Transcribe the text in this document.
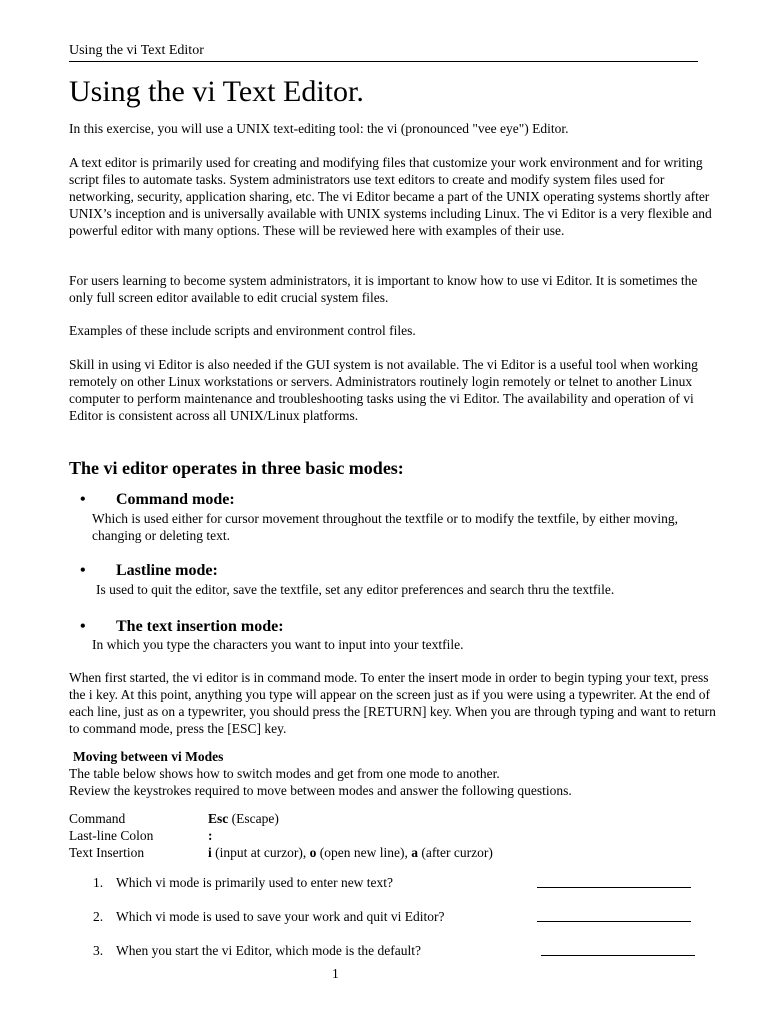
Using the vi Text Editor
Using the vi Text Editor.

In this exercise, you will use a UNIX text-editing tool: the vi (pronounced "vee eye") Editor.

A text editor is primarily used for creating and modifying files that customize your work environment and for writing script files to automate tasks. System administrators use text editors to create and modify system files used for networking, security, application sharing, etc. The vi Editor became a part of the UNIX operating systems shortly after UNIX’s inception and is universally available with UNIX systems including Linux. The vi Editor is a very flexible and powerful editor with many options. These will be reviewed here with examples of their use.

For users learning to become system administrators, it is important to know how to use vi Editor. It is sometimes the only full screen editor available to edit crucial system files.

Examples of these include scripts and environment control files.

Skill in using vi Editor is also needed if the GUI system is not available. The vi Editor is a useful tool when working remotely on other Linux workstations or servers. Administrators routinely login remotely or telnet to another Linux computer to perform maintenance and troubleshooting tasks using the vi Editor. The availability and operation of vi Editor is consistent across all UNIX/Linux platforms.

The vi editor operates in three basic modes:
• Command mode:

Which is used either for cursor movement throughout the textfile or to modify the textfile, by either moving, changing or deleting text.

• Lastline mode:

Is used to quit the editor, save the textfile, set any editor preferences and search thru the textfile.

• The text insertion mode:

In which you type the characters you want to input into your textfile.

When first started, the vi editor is in command mode. To enter the insert mode in order to begin typing your text, press the i key. At this point, anything you type will appear on the screen just as if you were using a typewriter. At the end of each line, just as on a typewriter, you should press the [RETURN] key. When you are through typing and want to return to command mode, press the [ESC] key.

Moving between vi Modes
The table below shows how to switch modes and get from one mode to another.
Review the keystrokes required to move between modes and answer the following questions.
Command	Esc (Escape)
Last-line Colon	:
Text Insertion	i (input at curzor), o (open new line), a (after curzor)
1. Which vi mode is primarily used to enter new text?
2. Which vi mode is used to save your work and quit vi Editor?
3. When you start the vi Editor, which mode is the default?
1
